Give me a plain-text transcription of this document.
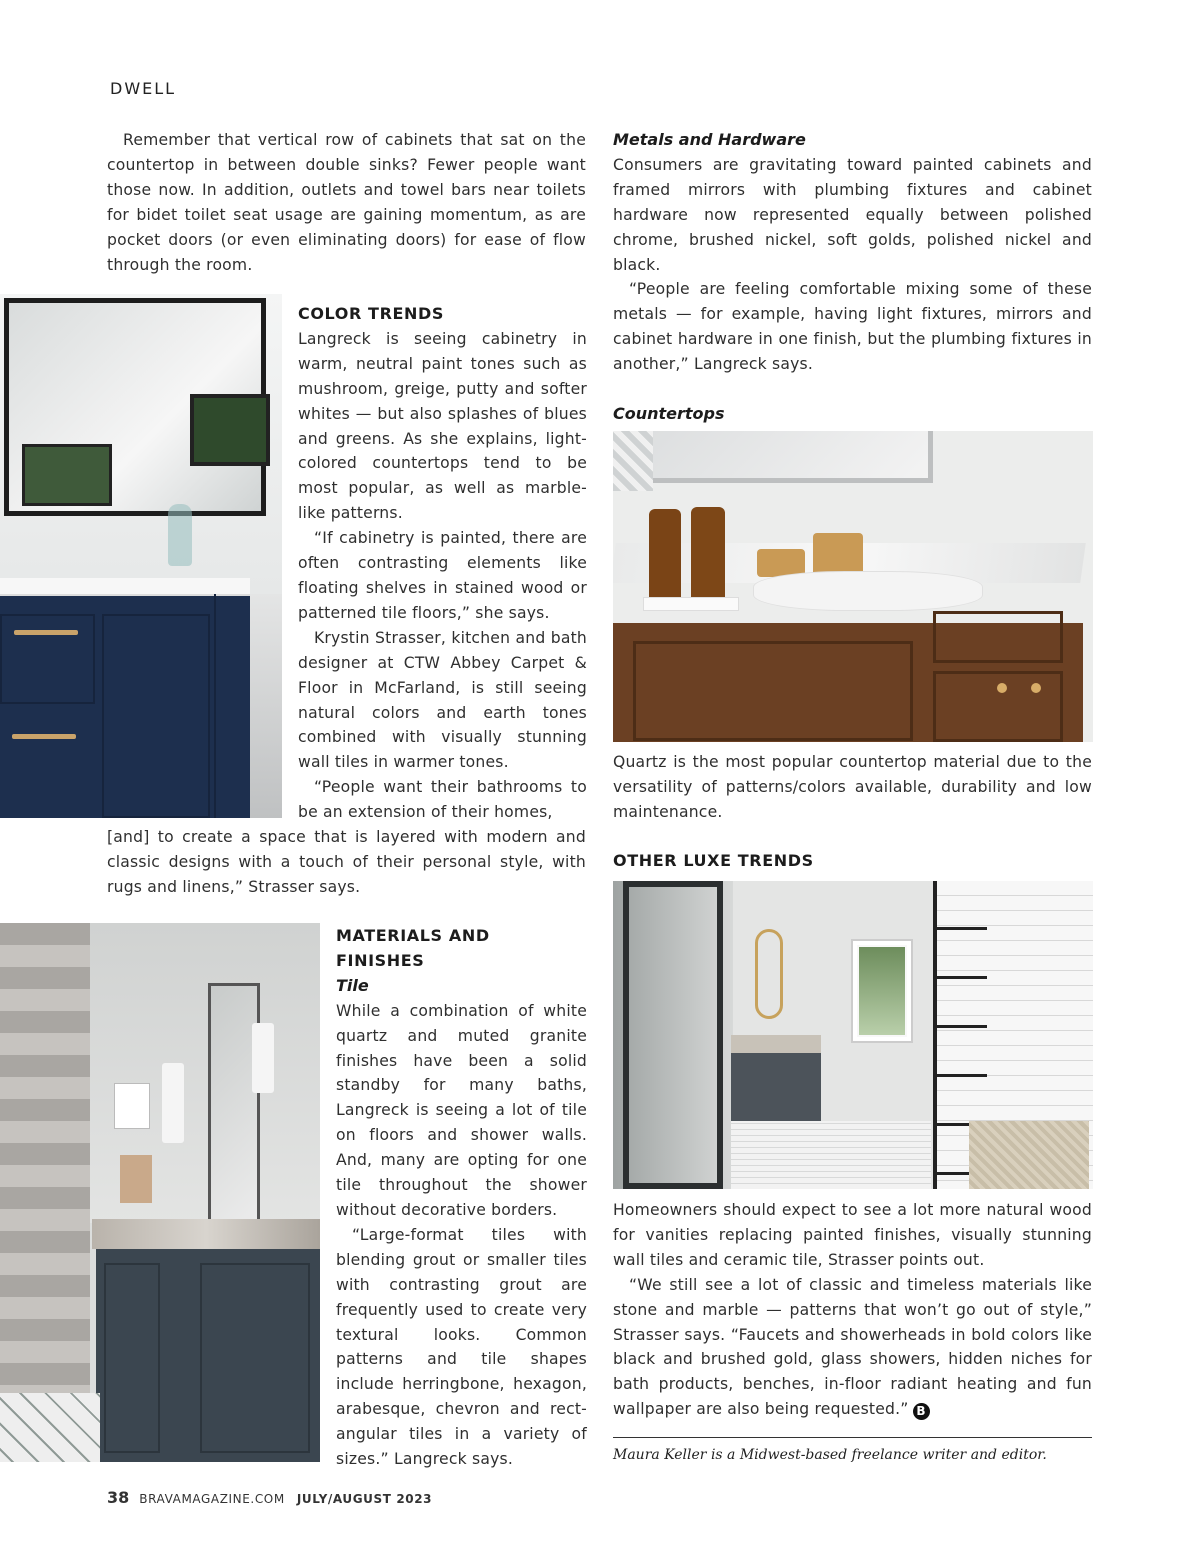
DWELL

Remember that vertical row of cabinets that sat on the countertop in between double sinks? Fewer people want those now. In addition, outlets and towel bars near toilets for bidet toilet seat usage are gaining momentum, as are pocket doors (or even eliminating doors) for ease of flow through the room.

COLOR TRENDS

Langreck is seeing cabinetry in warm, neutral paint tones such as mushroom, greige, putty and softer whites — but also splashes of blues and greens. As she explains, light-colored countertops tend to be most popular, as well as marble-like patterns.

“If cabinetry is painted, there are often contrasting elements like floating shelves in stained wood or patterned tile floors,” she says.

Krystin Strasser, kitchen and bath designer at CTW Abbey Carpet & Floor in McFarland, is still seeing natural colors and earth tones combined with visually stunning wall tiles in warmer tones.

“People want their bathrooms to be an extension of their homes,

[and] to create a space that is layered with modern and classic designs with a touch of their personal style, with rugs and linens,” Strasser says.

MATERIALS AND
FINISHES
Tile

While a combination of white quartz and muted granite finishes have been a solid standby for many baths, Langreck is seeing a lot of tile on floors and shower walls. And, many are opting for one tile throughout the shower without decorative borders.

“Large-format tiles with blending grout or smaller tiles with contrasting grout are frequently used to create very textural looks. Common patterns and tile shapes include herringbone, hexagon, arabesque, chevron and rect-angular tiles in a variety of sizes.” Langreck says.

Metals and Hardware

Consumers are gravitating toward painted cabinets and framed mirrors with plumbing fixtures and cabinet hardware now represented equally between polished chrome, brushed nickel, soft golds, polished nickel and black.

“People are feeling comfortable mixing some of these metals — for example, having light fixtures, mirrors and cabinet hardware in one finish, but the plumbing fixtures in another,” Langreck says.

Countertops

Quartz is the most popular countertop material due to the versatility of patterns/colors available, durability and low maintenance.

OTHER LUXE TRENDS

Homeowners should expect to see a lot more natural wood for vanities replacing painted finishes, visually stunning wall tiles and ceramic tile, Strasser points out.

“We still see a lot of classic and timeless materials like stone and marble — patterns that won’t go out of style,” Strasser says. “Faucets and showerheads in bold colors like black and brushed gold, glass showers, hidden niches for bath products, benches, in-floor radiant heating and fun wallpaper are also being requested.” B

Maura Keller is a Midwest-based freelance writer and editor.
38 BRAVAMAGAZINE.COM JULY/AUGUST 2023
